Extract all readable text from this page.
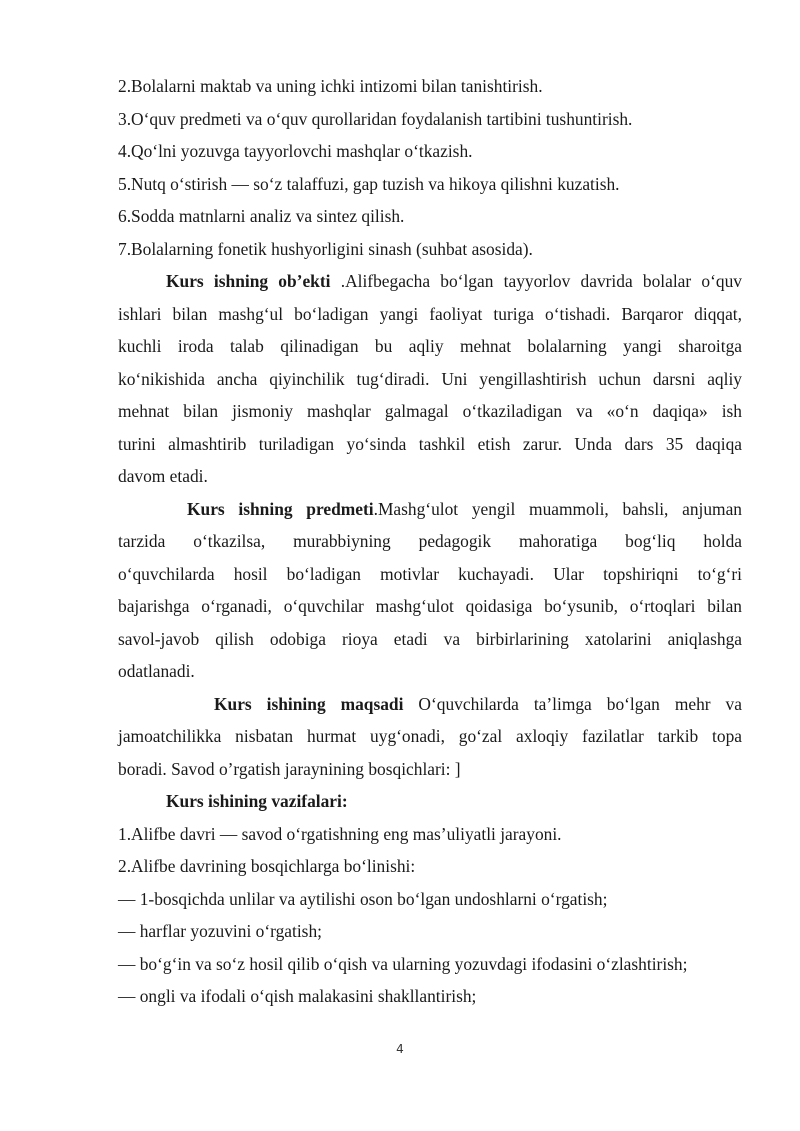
2.Bolalarni maktab va uning ichki intizomi bilan tanishtirish.
3.O‘quv predmeti va o‘quv qurollaridan foydalanish tartibini tushuntirish.
4.Qo‘lni yozuvga tayyorlovchi mashqlar o‘tkazish.
5.Nutq o‘stirish — so‘z talaffuzi, gap tuzish va hikoya qilishni kuzatish.
6.Sodda matnlarni analiz va sintez qilish.
7.Bolalarning fonetik hushyorligini sinash (suhbat asosida).
Kurs ishning ob’ekti .Alifbegacha bo‘lgan tayyorlov davrida bolalar o‘quv
ishlari bilan mashg‘ul bo‘ladigan yangi faoliyat turiga o‘tishadi. Barqaror diqqat,
kuchli iroda talab qilinadigan bu aqliy mehnat bolalarning yangi sharoitga
ko‘nikishida ancha qiyinchilik tug‘diradi. Uni yengillashtirish uchun darsni aqliy
mehnat bilan jismoniy mashqlar galmagal o‘tkaziladigan va «o‘n daqiqa» ish
turini almashtirib turiladigan yo‘sinda tashkil etish zarur. Unda dars 35 daqiqa
davom etadi.
Kurs ishning predmeti.Mashg‘ulot yengil muammoli, bahsli, anjuman
tarzida o‘tkazilsa, murabbiyning pedagogik mahoratiga bog‘liq holda
o‘quvchilarda hosil bo‘ladigan motivlar kuchayadi. Ular topshiriqni to‘g‘ri
bajarishga o‘rganadi, o‘quvchilar mashg‘ulot qoidasiga bo‘ysunib, o‘rtoqlari bilan
savol-javob qilish odobiga rioya etadi va birbirlarining xatolarini aniqlashga
odatlanadi.
Kurs ishining maqsadi O‘quvchilarda ta’limga bo‘lgan mehr va
jamoatchilikka nisbatan hurmat uyg‘onadi, go‘zal axloqiy fazilatlar tarkib topa
boradi. Savod o’rgatish jaraynining bosqichlari: ]
Kurs ishining vazifalari:
1.Alifbe davri — savod o‘rgatishning eng mas’uliyatli jarayoni.
2.Alifbe davrining bosqichlarga bo‘linishi:
— 1-bosqichda unlilar va aytilishi oson bo‘lgan undoshlarni o‘rgatish;
— harflar yozuvini o‘rgatish;
— bo‘g‘in va so‘z hosil qilib o‘qish va ularning yozuvdagi ifodasini o‘zlashtirish;
— ongli va ifodali o‘qish malakasini shakllantirish;
4
